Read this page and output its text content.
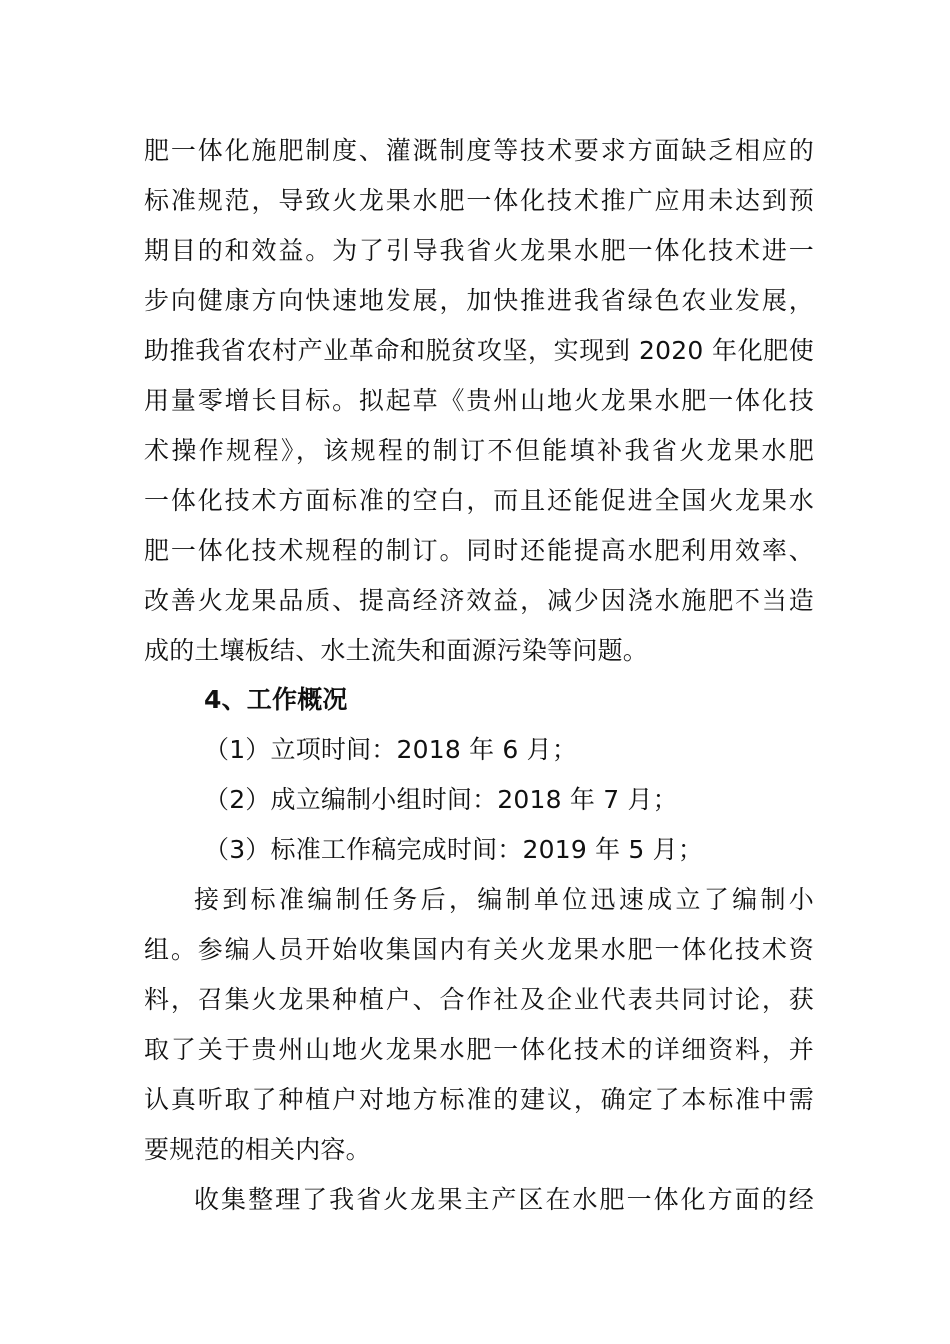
肥一体化施肥制度、灌溉制度等技术要求方面缺乏相应的
标准规范，导致火龙果水肥一体化技术推广应用未达到预
期目的和效益。为了引导我省火龙果水肥一体化技术进一
步向健康方向快速地发展，加快推进我省绿色农业发展，
助推我省农村产业革命和脱贫攻坚，实现到 2020 年化肥使
用量零增长目标。拟起草《贵州山地火龙果水肥一体化技
术操作规程》，该规程的制订不但能填补我省火龙果水肥
一体化技术方面标准的空白，而且还能促进全国火龙果水
肥一体化技术规程的制订。同时还能提高水肥利用效率、
改善火龙果品质、提高经济效益，减少因浇水施肥不当造
成的土壤板结、水土流失和面源污染等问题。
4、工作概况
（1）立项时间：2018 年 6 月；
（2）成立编制小组时间：2018 年 7 月；
（3）标准工作稿完成时间：2019 年 5 月；
接到标准编制任务后，编制单位迅速成立了编制小
组。参编人员开始收集国内有关火龙果水肥一体化技术资
料，召集火龙果种植户、合作社及企业代表共同讨论，获
取了关于贵州山地火龙果水肥一体化技术的详细资料，并
认真听取了种植户对地方标准的建议，确定了本标准中需
要规范的相关内容。
收集整理了我省火龙果主产区在水肥一体化方面的经
